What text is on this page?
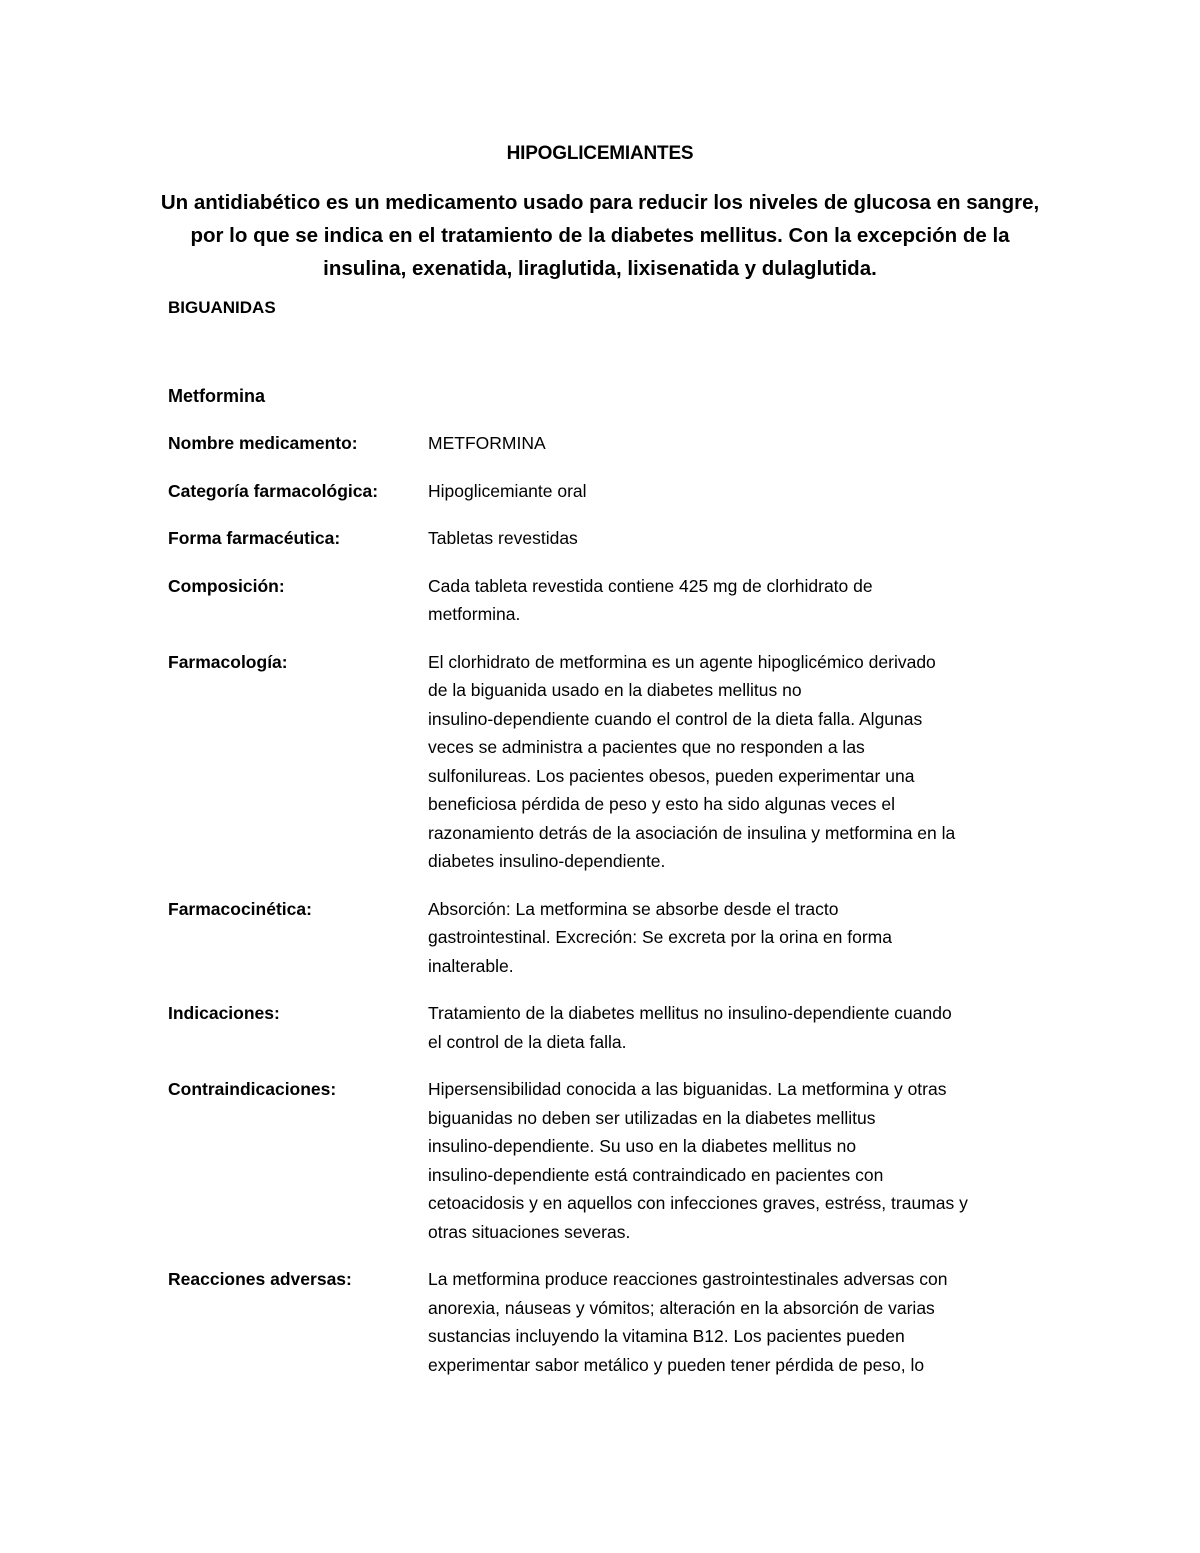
HIPOGLICEMIANTES
Un antidiabético es un medicamento usado para reducir los niveles de glucosa en sangre, por lo que se indica en el tratamiento de la diabetes mellitus. Con la excepción de la insulina, exenatida, liraglutida, lixisenatida y dulaglutida.
BIGUANIDAS
Metformina
Nombre medicamento:	METFORMINA
Categoría farmacológica:	Hipoglicemiante oral
Forma farmacéutica:	Tabletas revestidas
Composición:	Cada tableta revestida contiene 425 mg de clorhidrato de
metformina.
Farmacología:	El clorhidrato de metformina es un agente hipoglicémico derivado
de la biguanida usado en la diabetes mellitus no
insulino-dependiente cuando el control de la dieta falla. Algunas
veces se administra a pacientes que no responden a las
sulfonilureas. Los pacientes obesos, pueden experimentar una
beneficiosa pérdida de peso y esto ha sido algunas veces el
razonamiento detrás de la asociación de insulina y metformina en la
diabetes insulino-dependiente.
Farmacocinética:	Absorción: La metformina se absorbe desde el tracto
gastrointestinal. Excreción: Se excreta por la orina en forma
inalterable.
Indicaciones:	Tratamiento de la diabetes mellitus no insulino-dependiente cuando
el control de la dieta falla.
Contraindicaciones:	Hipersensibilidad conocida a las biguanidas. La metformina y otras
biguanidas no deben ser utilizadas en la diabetes mellitus
insulino-dependiente. Su uso en la diabetes mellitus no
insulino-dependiente está contraindicado en pacientes con
cetoacidosis y en aquellos con infecciones graves, estréss, traumas y
otras situaciones severas.
Reacciones adversas:	La metformina produce reacciones gastrointestinales adversas con
anorexia, náuseas y vómitos; alteración en la absorción de varias
sustancias incluyendo la vitamina B12. Los pacientes pueden
experimentar sabor metálico y pueden tener pérdida de peso, lo
